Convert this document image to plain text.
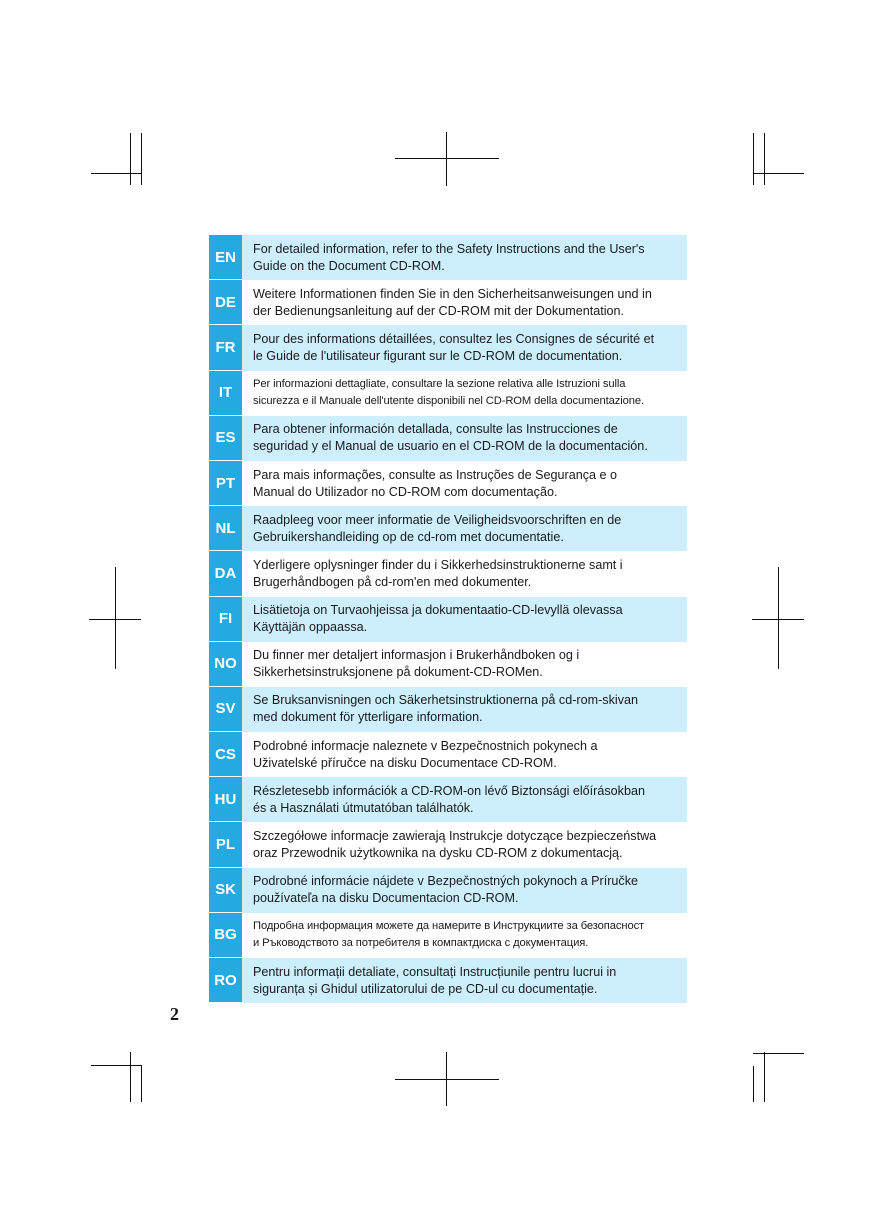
EN	For detailed information, refer to the Safety Instructions and the User's
Guide on the Document CD-ROM.
DE	Weitere Informationen finden Sie in den Sicherheitsanweisungen und in
der Bedienungsanleitung auf der CD-ROM mit der Dokumentation.
FR	Pour des informations détaillées, consultez les Consignes de sécurité et
le Guide de l'utilisateur figurant sur le CD-ROM de documentation.
IT	Per informazioni dettagliate, consultare la sezione relativa alle Istruzioni sulla
sicurezza e il Manuale dell'utente disponibili nel CD-ROM della documentazione.
ES	Para obtener información detallada, consulte las Instrucciones de
seguridad y el Manual de usuario en el CD-ROM de la documentación.
PT	Para mais informações, consulte as Instruções de Segurança e o
Manual do Utilizador no CD-ROM com documentação.
NL	Raadpleeg voor meer informatie de Veiligheidsvoorschriften en de
Gebruikershandleiding op de cd-rom met documentatie.
DA	Yderligere oplysninger finder du i Sikkerhedsinstruktionerne samt i
Brugerhåndbogen på cd-rom'en med dokumenter.
FI	Lisätietoja on Turvaohjeissa ja dokumentaatio-CD-levyllä olevassa
Käyttäjän oppaassa.
NO	Du finner mer detaljert informasjon i Brukerhåndboken og i
Sikkerhetsinstruksjonene på dokument-CD-ROMen.
SV	Se Bruksanvisningen och Säkerhetsinstruktionerna på cd-rom-skivan
med dokument för ytterligare information.
CS	Podrobné informacje naleznete v Bezpečnostnich pokynech a
Uživatelské příručce na disku Documentace CD-ROM.
HU	Részletesebb információk a CD-ROM-on lévő Biztonsági előírásokban
és a Használati útmutatóban találhatók.
PL	Szczegółowe informacje zawierają Instrukcje dotyczące bezpieczeństwa
oraz Przewodnik użytkownika na dysku CD-ROM z dokumentacją.
SK	Podrobné informácie nájdete v Bezpečnostných pokynoch a Príručke
používateľa na disku Documentacion CD-ROM.
BG	Подробна информация можете да намерите в Инструкциите за безопасност
и Ръководството за потребителя в компактдиска с документация.
RO	Pentru informații detaliate, consultați Instrucțiunile pentru lucrui in
siguranța și Ghidul utilizatorului de pe CD-ul cu documentație.
2
